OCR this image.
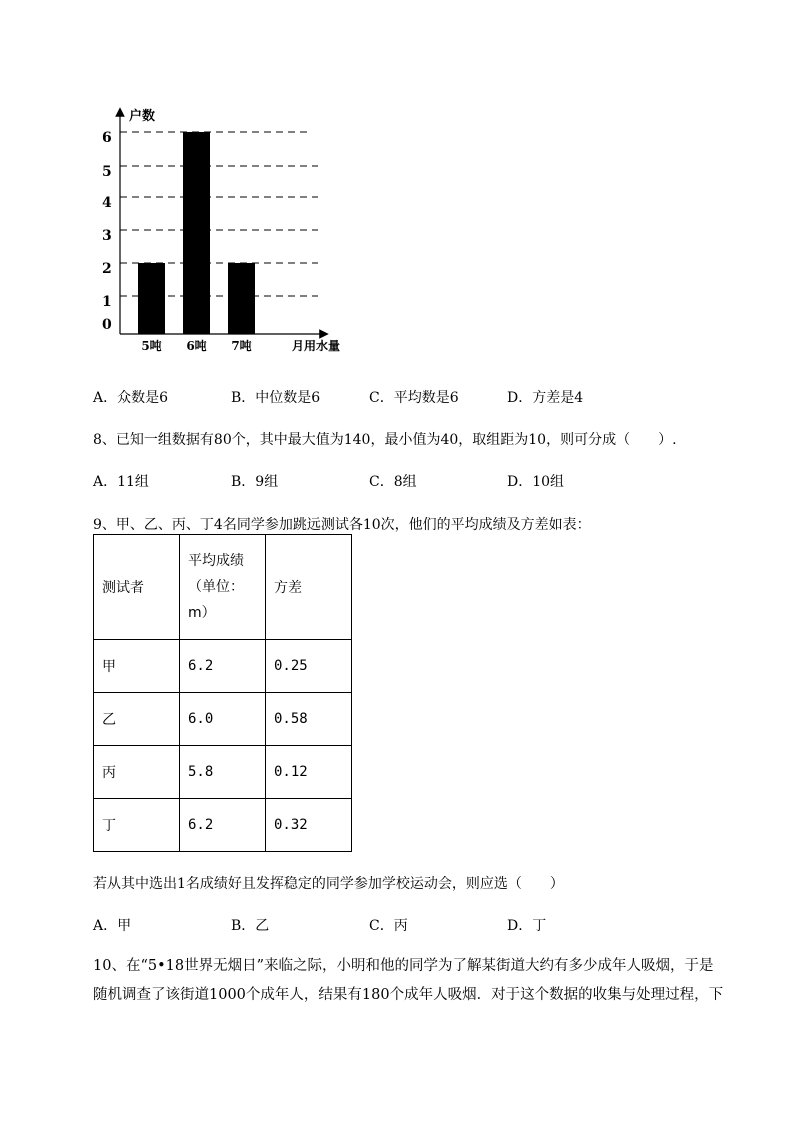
户数
月用水量
0
1
2
3
4
5
6
5吨 6吨 7吨
A．众数是6	B．中位数是6	C．平均数是6	D．方差是4
8、已知一组数据有80个，其中最大值为140，最小值为40，取组距为10，则可分成（　　）.
A．11组	B．9组	C．8组	D．10组
9、甲、乙、丙、丁4名同学参加跳远测试各10次，他们的平均成绩及方差如表：
测试者	平均成绩（单位：m）	方差
甲	6.2	0.25
乙	6.0	0.58
丙	5.8	0.12
丁	6.2	0.32
若从其中选出1名成绩好且发挥稳定的同学参加学校运动会，则应选（　　）
A．甲	B．乙	C．丙	D．丁
10、在“5•18世界无烟日”来临之际，小明和他的同学为了解某街道大约有多少成年人吸烟，于是
随机调查了该街道1000个成年人，结果有180个成年人吸烟．对于这个数据的收集与处理过程，下
